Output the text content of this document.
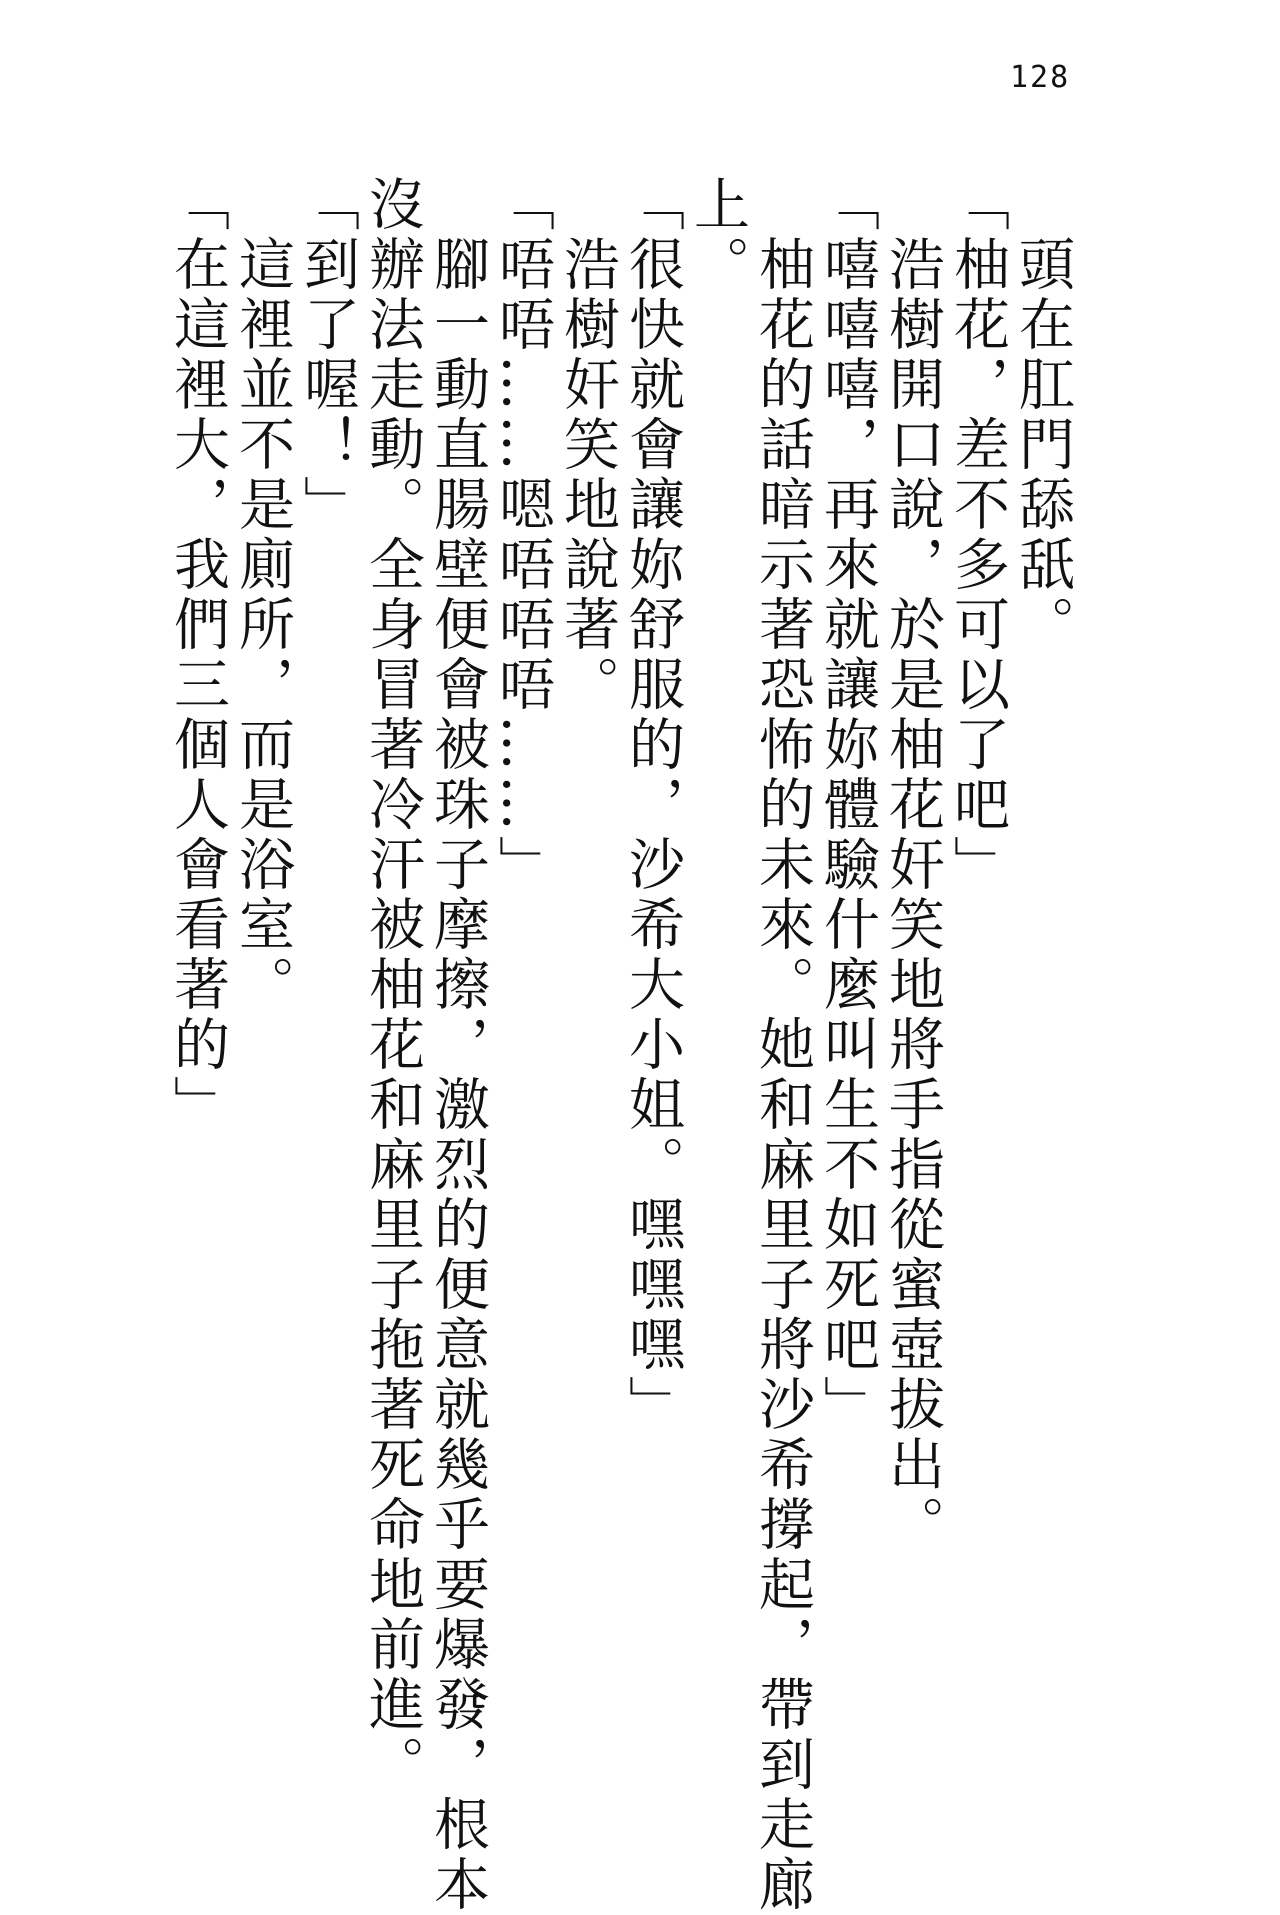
128
頭在肛門舔舐。
「柚花，差不多可以了吧」
浩樹開口說，於是柚花奸笑地將手指從蜜壺拔出。
「嘻嘻嘻，再來就讓妳體驗什麼叫生不如死吧」
柚花的話暗示著恐怖的未來。她和麻里子將沙希撐起，帶到走廊
上。
「很快就會讓妳舒服的，沙希大小姐。嘿嘿嘿」
浩樹奸笑地說著。
「唔唔……嗯唔唔唔……」
腳一動直腸壁便會被珠子摩擦，激烈的便意就幾乎要爆發，根本
沒辦法走動。全身冒著冷汗被柚花和麻里子拖著死命地前進。
「到了喔！」
這裡並不是廁所，而是浴室。
「在這裡大，我們三個人會看著的」
